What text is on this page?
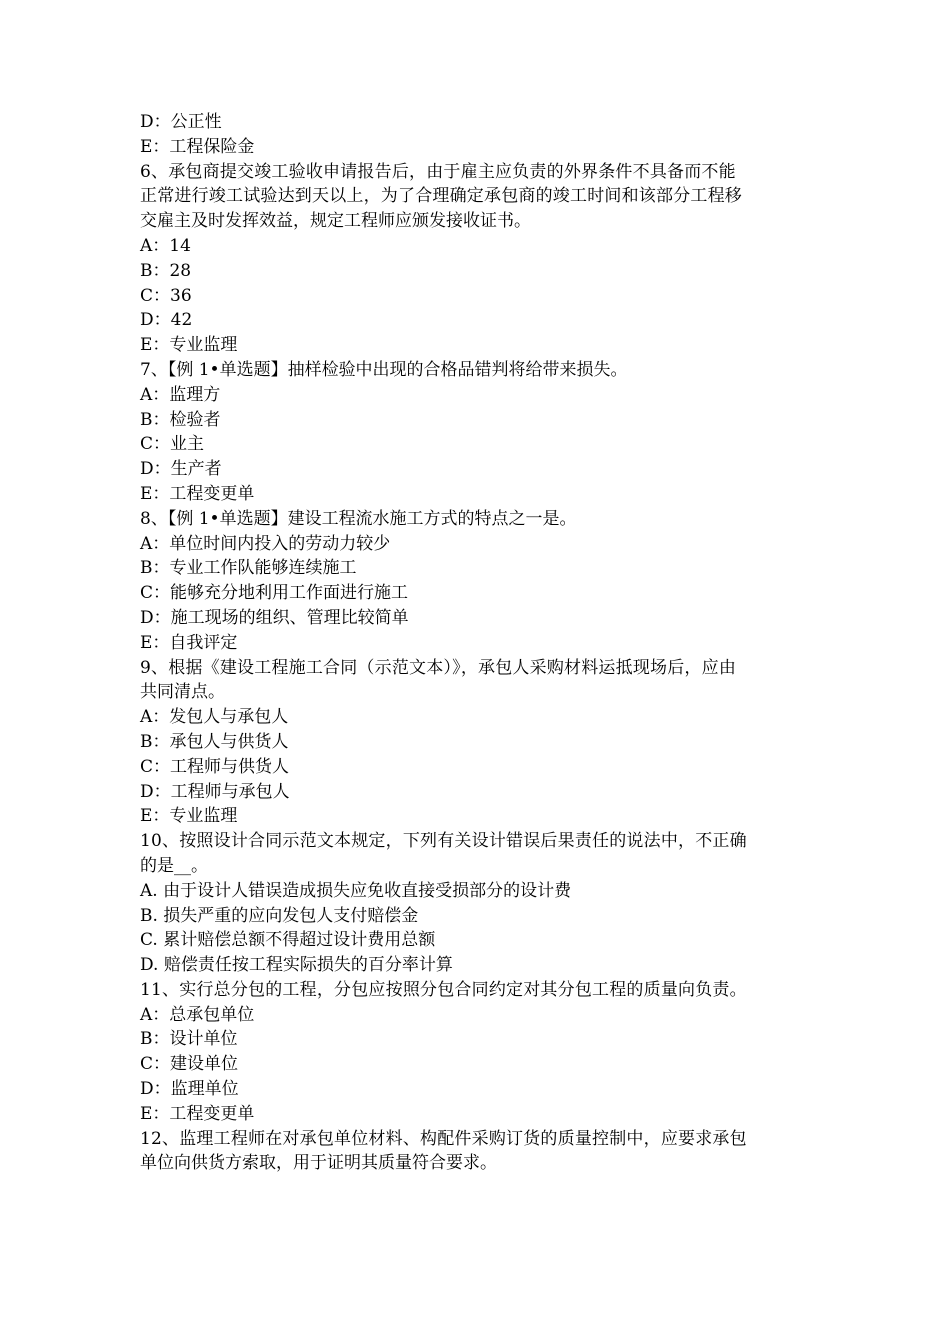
D：公正性
E：工程保险金
6、承包商提交竣工验收申请报告后，由于雇主应负责的外界条件不具备而不能
正常进行竣工试验达到天以上，为了合理确定承包商的竣工时间和该部分工程移
交雇主及时发挥效益，规定工程师应颁发接收证书。
A：14
B：28
C：36
D：42
E：专业监理
7、【例 1•单选题】抽样检验中出现的合格品错判将给带来损失。
A：监理方
B：检验者
C：业主
D：生产者
E：工程变更单
8、【例 1•单选题】建设工程流水施工方式的特点之一是。
A：单位时间内投入的劳动力较少
B：专业工作队能够连续施工
C：能够充分地利用工作面进行施工
D：施工现场的组织、管理比较简单
E：自我评定
9、根据《建设工程施工合同（示范文本）》，承包人采购材料运抵现场后，应由
共同清点。
A：发包人与承包人
B：承包人与供货人
C：工程师与供货人
D：工程师与承包人
E：专业监理
10、按照设计合同示范文本规定，下列有关设计错误后果责任的说法中，不正确
的是__。
A. 由于设计人错误造成损失应免收直接受损部分的设计费
B. 损失严重的应向发包人支付赔偿金
C. 累计赔偿总额不得超过设计费用总额
D. 赔偿责任按工程实际损失的百分率计算
11、实行总分包的工程，分包应按照分包合同约定对其分包工程的质量向负责。
A：总承包单位
B：设计单位
C：建设单位
D：监理单位
E：工程变更单
12、监理工程师在对承包单位材料、构配件采购订货的质量控制中，应要求承包
单位向供货方索取，用于证明其质量符合要求。
